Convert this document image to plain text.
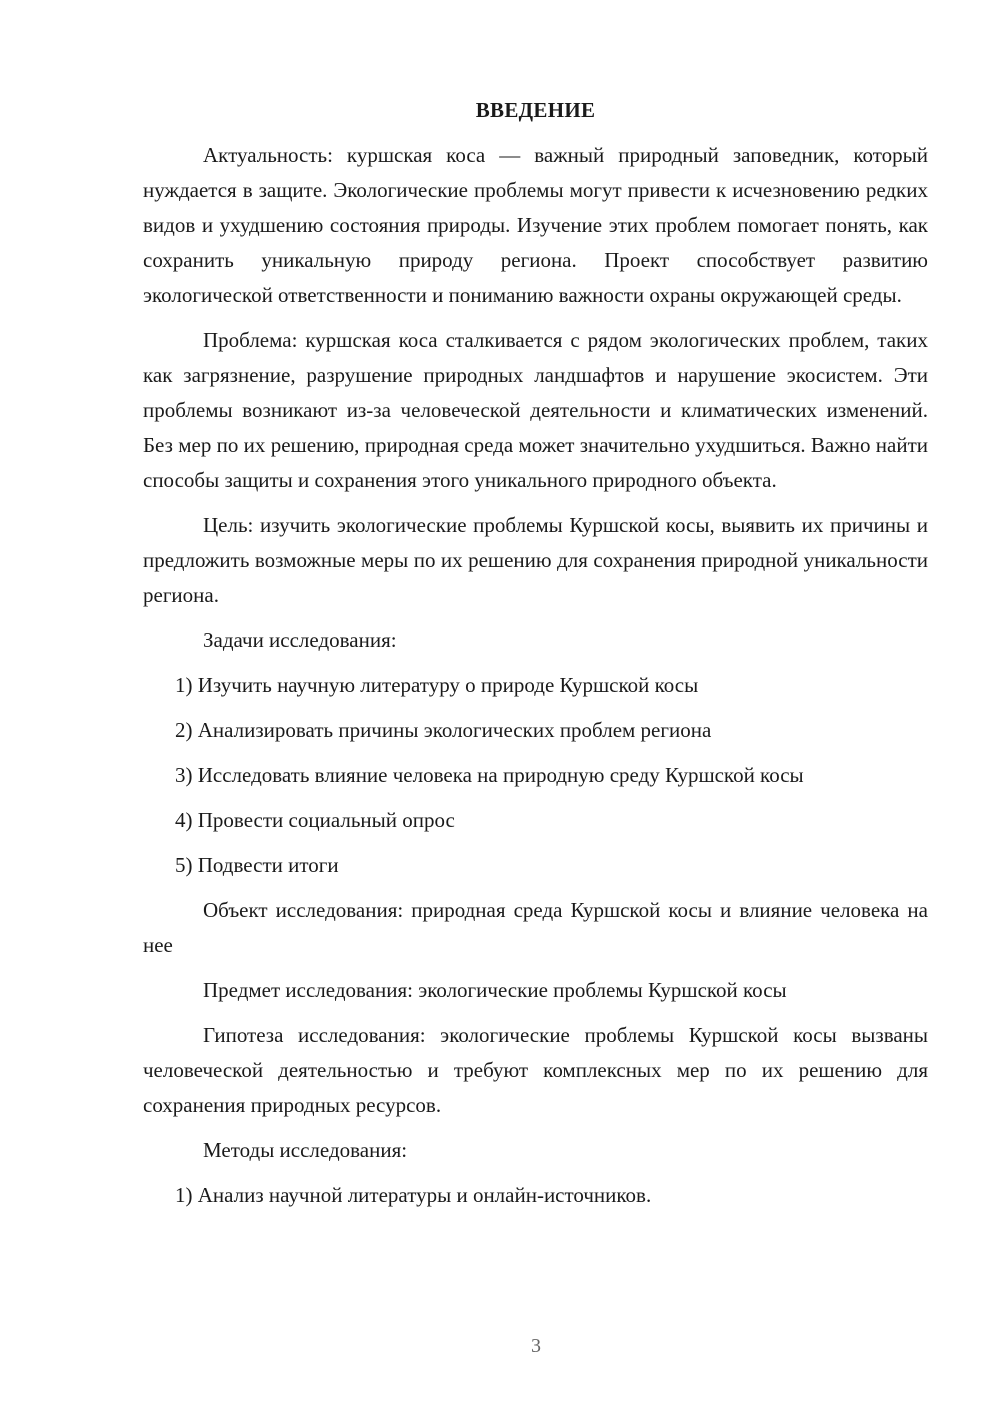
ВВЕДЕНИЕ
Актуальность: куршская коса — важный природный заповедник, который нуждается в защите. Экологические проблемы могут привести к исчезновению редких видов и ухудшению состояния природы. Изучение этих проблем помогает понять, как сохранить уникальную природу региона. Проект способствует развитию экологической ответственности и пониманию важности охраны окружающей среды.
Проблема: куршская коса сталкивается с рядом экологических проблем, таких как загрязнение, разрушение природных ландшафтов и нарушение экосистем. Эти проблемы возникают из-за человеческой деятельности и климатических изменений. Без мер по их решению, природная среда может значительно ухудшиться. Важно найти способы защиты и сохранения этого уникального природного объекта.
Цель: изучить экологические проблемы Куршской косы, выявить их причины и предложить возможные меры по их решению для сохранения природной уникальности региона.
Задачи исследования:
1) Изучить научную литературу о природе Куршской косы
2) Анализировать причины экологических проблем региона
3) Исследовать влияние человека на природную среду Куршской косы
4) Провести социальный опрос
5) Подвести итоги
Объект исследования: природная среда Куршской косы и влияние человека на нее
Предмет исследования: экологические проблемы Куршской косы
Гипотеза исследования: экологические проблемы Куршской косы вызваны человеческой деятельностью и требуют комплексных мер по их решению для сохранения природных ресурсов.
Методы исследования:
1) Анализ научной литературы и онлайн-источников.
3
